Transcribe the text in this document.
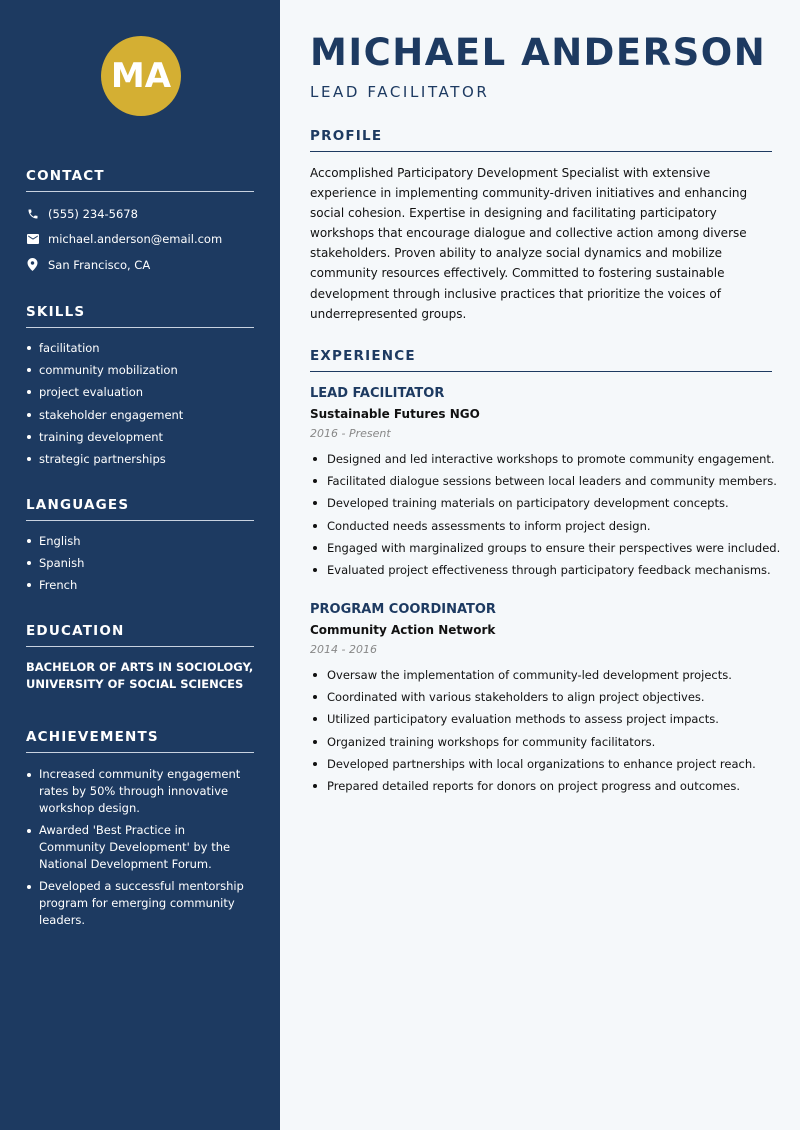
MA
CONTACT
(555) 234-5678
michael.anderson@email.com
San Francisco, CA
SKILLS
facilitation
community mobilization
project evaluation
stakeholder engagement
training development
strategic partnerships
LANGUAGES
English
Spanish
French
EDUCATION
BACHELOR OF ARTS IN SOCIOLOGY, UNIVERSITY OF SOCIAL SCIENCES
ACHIEVEMENTS
Increased community engagement rates by 50% through innovative workshop design.
Awarded 'Best Practice in Community Development' by the National Development Forum.
Developed a successful mentorship program for emerging community leaders.
MICHAEL ANDERSON
LEAD FACILITATOR
PROFILE
Accomplished Participatory Development Specialist with extensive experience in implementing community-driven initiatives and enhancing social cohesion. Expertise in designing and facilitating participatory workshops that encourage dialogue and collective action among diverse stakeholders. Proven ability to analyze social dynamics and mobilize community resources effectively. Committed to fostering sustainable development through inclusive practices that prioritize the voices of underrepresented groups.
EXPERIENCE
LEAD FACILITATOR
Sustainable Futures NGO
2016 - Present
Designed and led interactive workshops to promote community engagement.
Facilitated dialogue sessions between local leaders and community members.
Developed training materials on participatory development concepts.
Conducted needs assessments to inform project design.
Engaged with marginalized groups to ensure their perspectives were included.
Evaluated project effectiveness through participatory feedback mechanisms.
PROGRAM COORDINATOR
Community Action Network
2014 - 2016
Oversaw the implementation of community-led development projects.
Coordinated with various stakeholders to align project objectives.
Utilized participatory evaluation methods to assess project impacts.
Organized training workshops for community facilitators.
Developed partnerships with local organizations to enhance project reach.
Prepared detailed reports for donors on project progress and outcomes.
